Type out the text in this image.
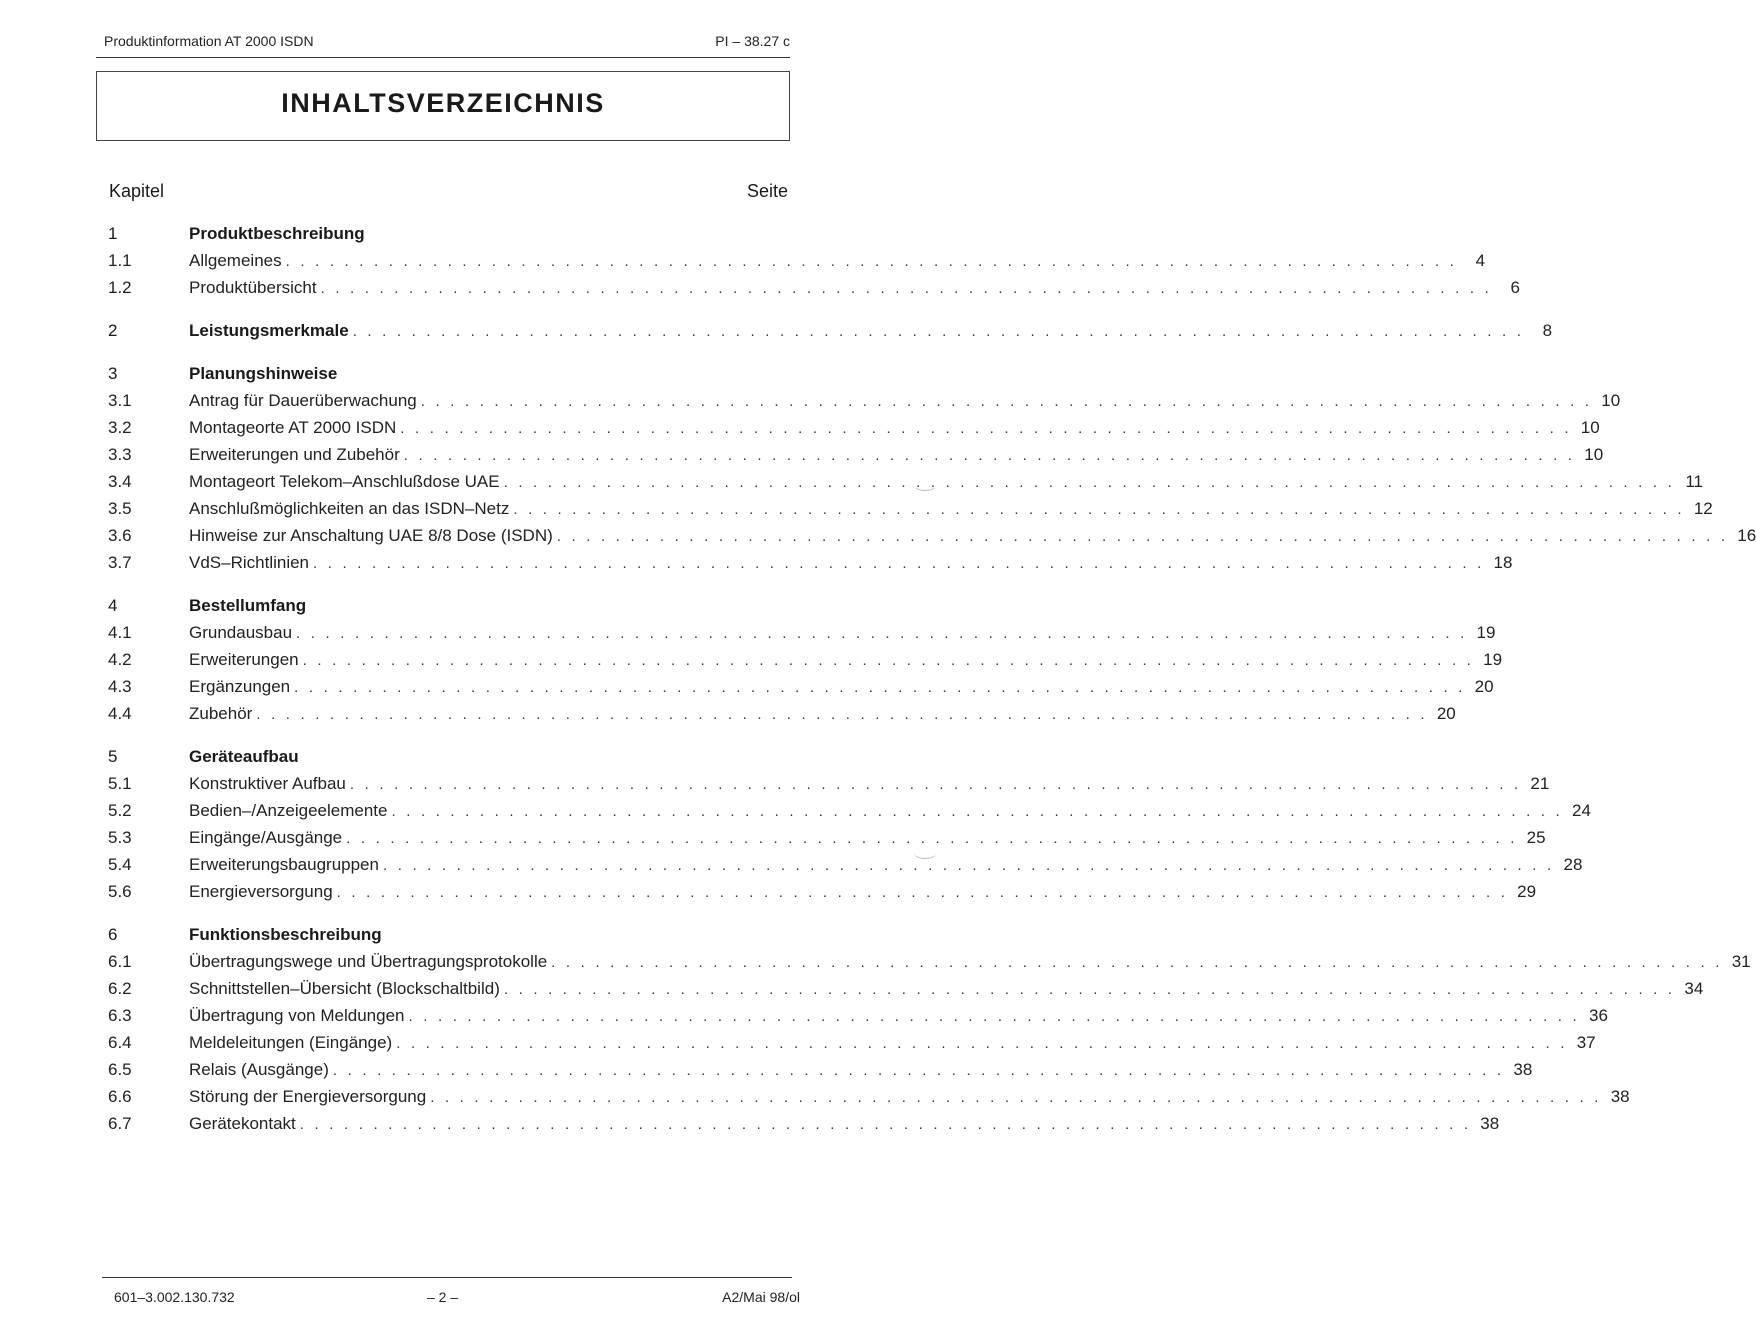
Produktinformation AT 2000 ISDN	PI – 38.27 c
INHALTSVERZEICHNIS
Kapitel	Seite
1	Produktbeschreibung
1.1	Allgemeines . . . . . . . . . . . . . . . . . . . . . . . . . . . . . . . . . . . . . . . . . . . . . . . . . . . . . . . . . . . . . . . . . . . . . . . . . . . . . . . .	4
1.2	Produktübersicht . . . . . . . . . . . . . . . . . . . . . . . . . . . . . . . . . . . . . . . . . . . . . . . . . . . . . . . . . . . . . . . . . . . . . . . . . . . . . . . .	6
2	Leistungsmerkmale . . . . . . . . . . . . . . . . . . . . . . . . . . . . . . . . . . . . . . . . . . . . . . . . . . . . . . . . . . . . . . . . . . . . . . . . . . . . . . . .	8
3	Planungshinweise
3.1	Antrag für Dauerüberwachung . . . . . . . . . . . . . . . . . . . . . . . . . . . . . . . . . . . . . . . . . . . . . . . . . . . . . . . . . . . . . . . . . . . . . . . . . . . . . . . . 10
3.2	Montageorte AT 2000 ISDN . . . . . . . . . . . . . . . . . . . . . . . . . . . . . . . . . . . . . . . . . . . . . . . . . . . . . . . . . . . . . . . . . . . . . . . . . . . . . . . . 10
3.3	Erweiterungen und Zubehör . . . . . . . . . . . . . . . . . . . . . . . . . . . . . . . . . . . . . . . . . . . . . . . . . . . . . . . . . . . . . . . . . . . . . . . . . . . . . . . . 10
3.4	Montageort Telekom–Anschlußdose UAE . . . . . . . . . . . . . . . . . . . . . . . . . . . . . . . . . . . . . . . . . . . . . . . . . . . . . . . . . . . . . . . . . . . . . . . . . . . . . . . . 11
3.5	Anschlußmöglichkeiten an das ISDN–Netz . . . . . . . . . . . . . . . . . . . . . . . . . . . . . . . . . . . . . . . . . . . . . . . . . . . . . . . . . . . . . . . . . . . . . . . . . . . . . . . . 12
3.6	Hinweise zur Anschaltung UAE 8/8 Dose (ISDN) . . . . . . . . . . . . . . . . . . . . . . . . . . . . . . . . . . . . . . . . . . . . . . . . . . . . . . . . . . . . . . . . . . . . . . . . . . . . . . . . 16
3.7	VdS–Richtlinien . . . . . . . . . . . . . . . . . . . . . . . . . . . . . . . . . . . . . . . . . . . . . . . . . . . . . . . . . . . . . . . . . . . . . . . . . . . . . . . . 18
4	Bestellumfang
4.1	Grundausbau . . . . . . . . . . . . . . . . . . . . . . . . . . . . . . . . . . . . . . . . . . . . . . . . . . . . . . . . . . . . . . . . . . . . . . . . . . . . . . . . 19
4.2	Erweiterungen . . . . . . . . . . . . . . . . . . . . . . . . . . . . . . . . . . . . . . . . . . . . . . . . . . . . . . . . . . . . . . . . . . . . . . . . . . . . . . . . 19
4.3	Ergänzungen . . . . . . . . . . . . . . . . . . . . . . . . . . . . . . . . . . . . . . . . . . . . . . . . . . . . . . . . . . . . . . . . . . . . . . . . . . . . . . . . 20
4.4	Zubehör . . . . . . . . . . . . . . . . . . . . . . . . . . . . . . . . . . . . . . . . . . . . . . . . . . . . . . . . . . . . . . . . . . . . . . . . . . . . . . . . 20
5	Geräteaufbau
5.1	Konstruktiver Aufbau . . . . . . . . . . . . . . . . . . . . . . . . . . . . . . . . . . . . . . . . . . . . . . . . . . . . . . . . . . . . . . . . . . . . . . . . . . . . . . . . 21
5.2	Bedien–/Anzeigeelemente . . . . . . . . . . . . . . . . . . . . . . . . . . . . . . . . . . . . . . . . . . . . . . . . . . . . . . . . . . . . . . . . . . . . . . . . . . . . . . . . 24
5.3	Eingänge/Ausgänge . . . . . . . . . . . . . . . . . . . . . . . . . . . . . . . . . . . . . . . . . . . . . . . . . . . . . . . . . . . . . . . . . . . . . . . . . . . . . . . . 25
5.4	Erweiterungsbaugruppen . . . . . . . . . . . . . . . . . . . . . . . . . . . . . . . . . . . . . . . . . . . . . . . . . . . . . . . . . . . . . . . . . . . . . . . . . . . . . . . . 28
5.6	Energieversorgung . . . . . . . . . . . . . . . . . . . . . . . . . . . . . . . . . . . . . . . . . . . . . . . . . . . . . . . . . . . . . . . . . . . . . . . . . . . . . . . . 29
6	Funktionsbeschreibung
6.1	Übertragungswege und Übertragungsprotokolle . . . . . . . . . . . . . . . . . . . . . . . . . . . . . . . . . . . . . . . . . . . . . . . . . . . . . . . . . . . . . . . . . . . . . . . . . . . . . . . . 31
6.2	Schnittstellen–Übersicht (Blockschaltbild) . . . . . . . . . . . . . . . . . . . . . . . . . . . . . . . . . . . . . . . . . . . . . . . . . . . . . . . . . . . . . . . . . . . . . . . . . . . . . . . . 34
6.3	Übertragung von Meldungen . . . . . . . . . . . . . . . . . . . . . . . . . . . . . . . . . . . . . . . . . . . . . . . . . . . . . . . . . . . . . . . . . . . . . . . . . . . . . . . . 36
6.4	Meldeleitungen (Eingänge) . . . . . . . . . . . . . . . . . . . . . . . . . . . . . . . . . . . . . . . . . . . . . . . . . . . . . . . . . . . . . . . . . . . . . . . . . . . . . . . . 37
6.5	Relais (Ausgänge) . . . . . . . . . . . . . . . . . . . . . . . . . . . . . . . . . . . . . . . . . . . . . . . . . . . . . . . . . . . . . . . . . . . . . . . . . . . . . . . . 38
6.6	Störung der Energieversorgung . . . . . . . . . . . . . . . . . . . . . . . . . . . . . . . . . . . . . . . . . . . . . . . . . . . . . . . . . . . . . . . . . . . . . . . . . . . . . . . . 38
6.7	Gerätekontakt . . . . . . . . . . . . . . . . . . . . . . . . . . . . . . . . . . . . . . . . . . . . . . . . . . . . . . . . . . . . . . . . . . . . . . . . . . . . . . . . 38
601–3.002.130.732	– 2 –	A2/Mai 98/ol
